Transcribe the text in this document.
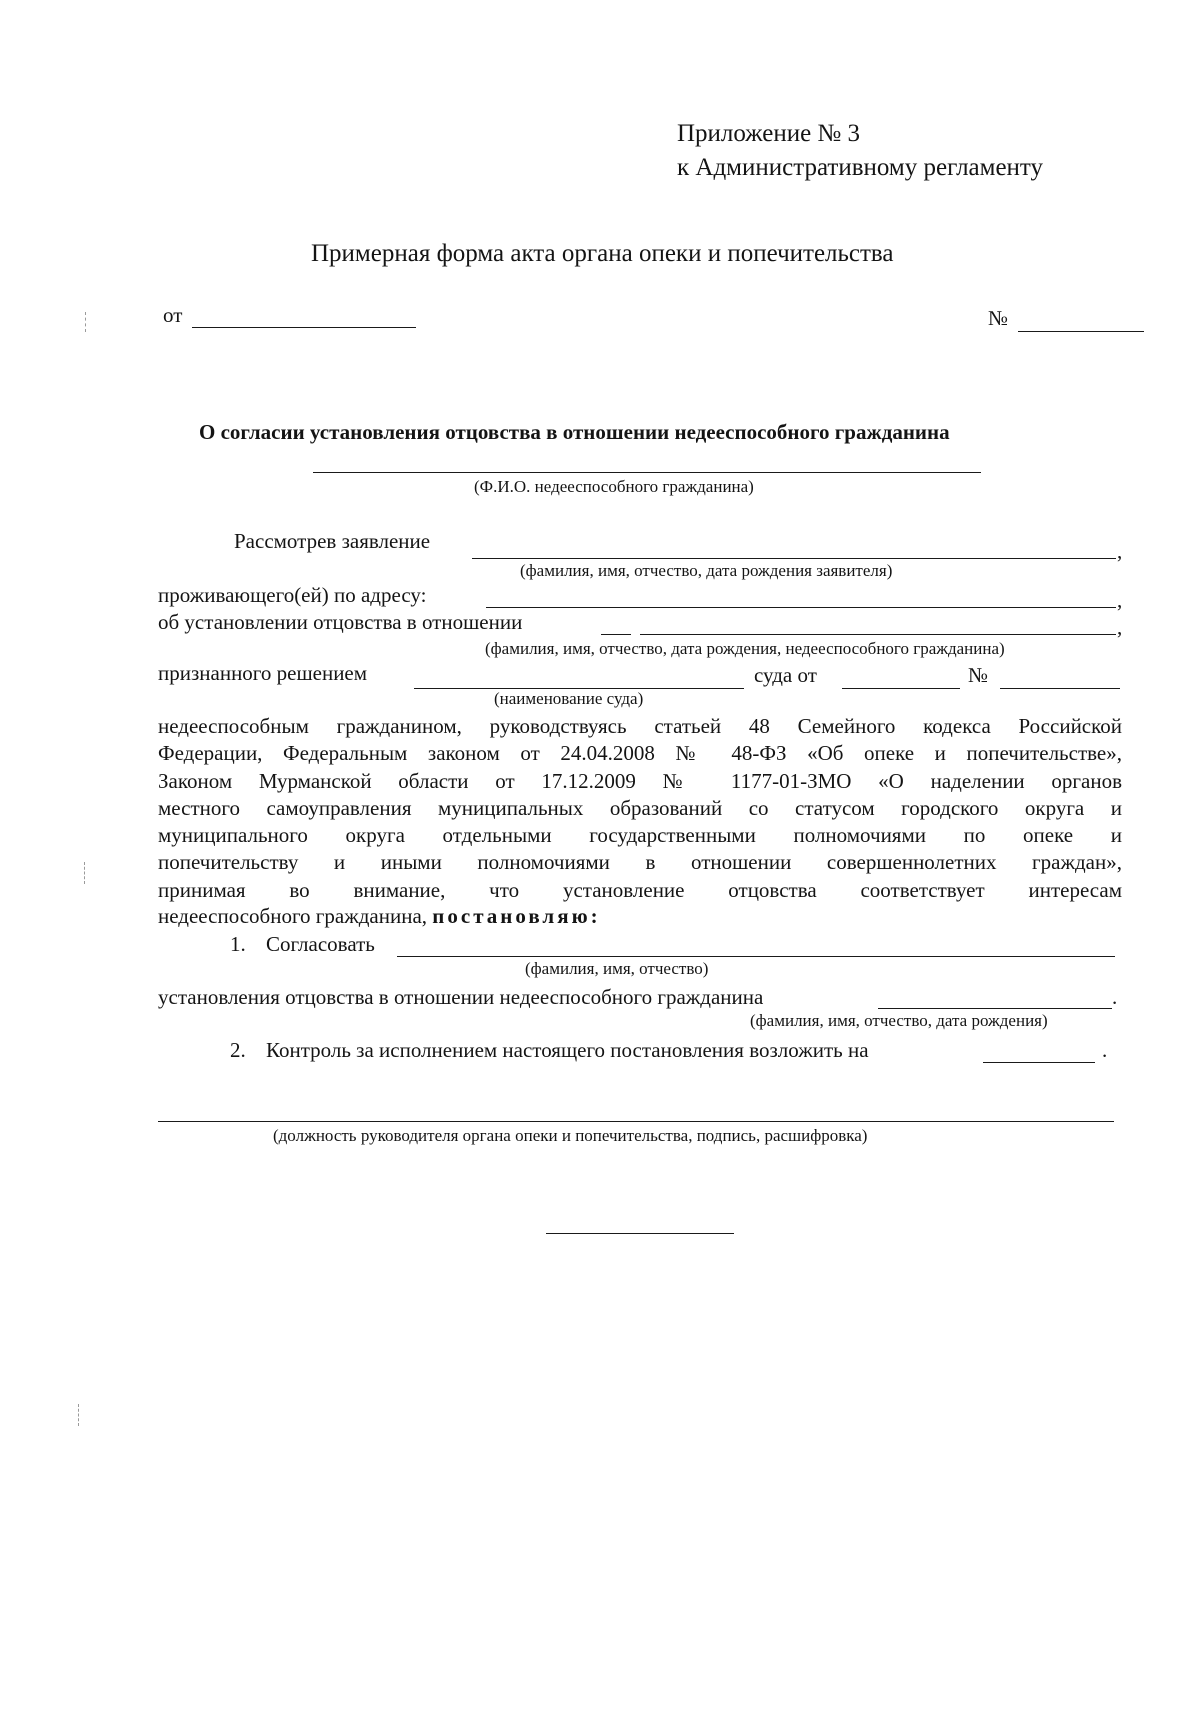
Приложение № 3
к Административному регламенту
Примерная форма акта органа опеки и попечительства
от	№
О согласии установления отцовства в отношении недееспособного гражданина
(Ф.И.О. недееспособного гражданина)
Рассмотрев заявление	,
(фамилия, имя, отчество, дата рождения заявителя)
проживающего(ей) по адресу:	,
об установлении отцовства в отношении	,
(фамилия, имя, отчество, дата рождения, недееспособного гражданина)
признанного решением	суда от	№
(наименование суда)
недееспособным гражданином, руководствуясь статьей 48 Семейного кодекса Российской
Федерации, Федеральным законом от 24.04.2008 № 48-ФЗ «Об опеке и попечительстве»,
Законом Мурманской области от 17.12.2009 № 1177-01-ЗМО «О наделении органов
местного самоуправления муниципальных образований со статусом городского округа и
муниципального округа отдельными государственными полномочиями по опеке и
попечительству и иными полномочиями в отношении совершеннолетних граждан»,
принимая во внимание, что установление отцовства соответствует интересам
недееспособного гражданина, постановляю:
1. Согласовать
(фамилия, имя, отчество)
установления отцовства в отношении недееспособного гражданина	.
(фамилия, имя, отчество, дата рождения)
2. Контроль за исполнением настоящего постановления возложить на	.
(должность руководителя органа опеки и попечительства, подпись, расшифровка)
